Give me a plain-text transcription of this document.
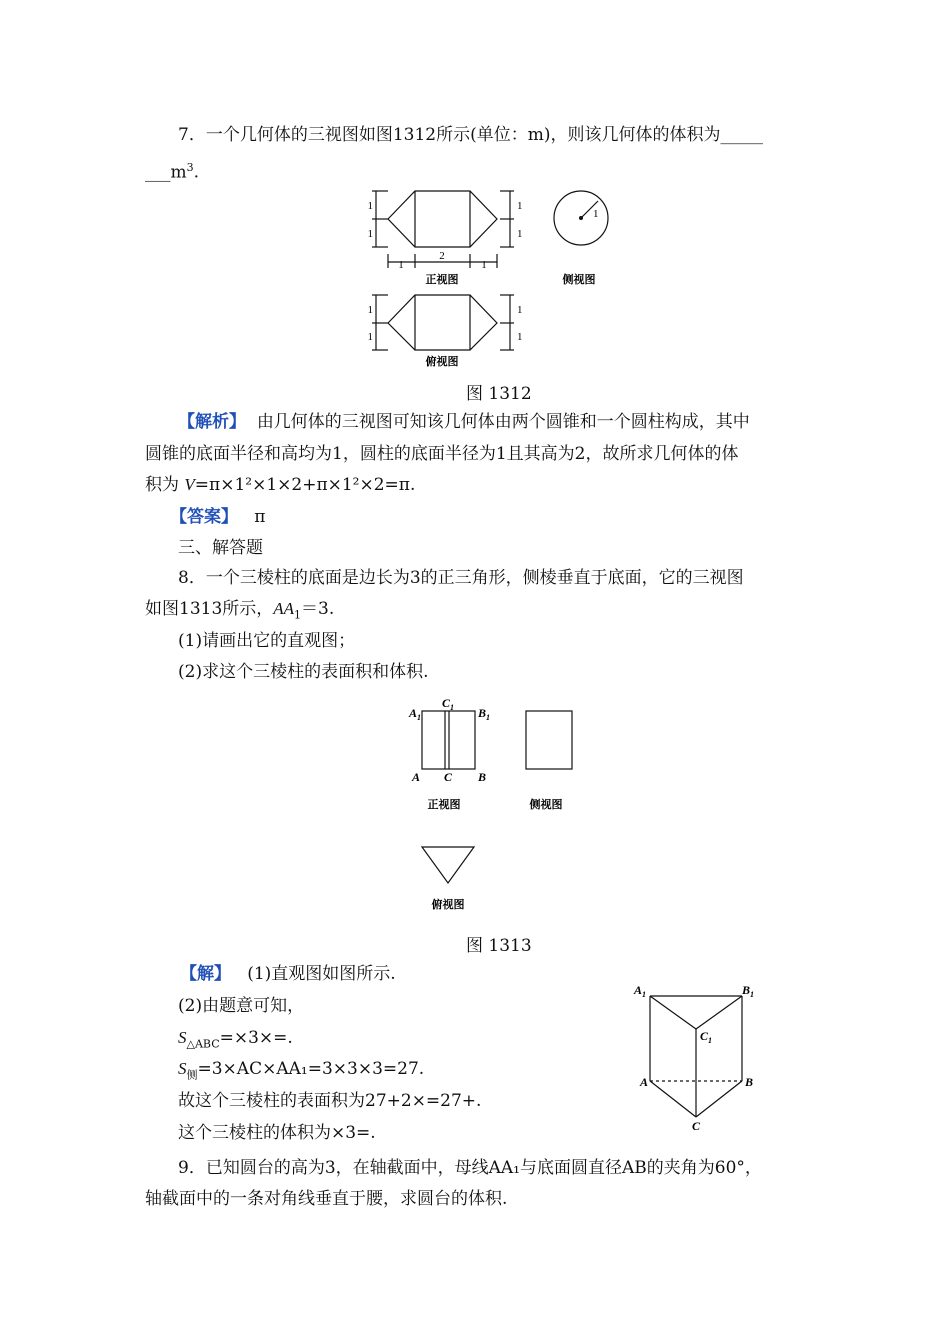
7．一个几何体的三视图如图1312所示(单位：m)，则该几何体的体积为_____
$\_\_\_m^3$.
1
1
1
1
1
2
1
1
1
1
1
1
正视图	侧视图
俯视图
图 1312
【解析】 由几何体的三视图可知该几何体由两个圆锥和一个圆柱构成，其中
圆锥的底面半径和高均为1，圆柱的底面半径为1且其高为2，故所求几何体的体
积为 V=π×1²×1×2+π×1²×2=π.
【答案】 π
三、解答题
8．一个三棱柱的底面是边长为3的正三角形，侧棱垂直于底面，它的三视图
如图1313所示，$AA_1=3$.
(1)请画出它的直观图；
(2)求这个三棱柱的表面积和体积.
$A_1$
$C_1$ $B_1$
A C B
正视图	侧视图
俯视图
图 1313
【解】 (1)直观图如图所示.
(2)由题意可知，
$S_{\triangle ABC}=\times 3\times=$.
$S_侧=3\times AC\times AA_1=3\times 3\times 3=27$.
故这个三棱柱的表面积为27+2×=27+.
这个三棱柱的体积为×3=.
$A_1$	$B_1$
$C_1$
A	B
C
9．已知圆台的高为3，在轴截面中，母线AA₁与底面圆直径AB的夹角为60°，
轴截面中的一条对角线垂直于腰，求圆台的体积.
